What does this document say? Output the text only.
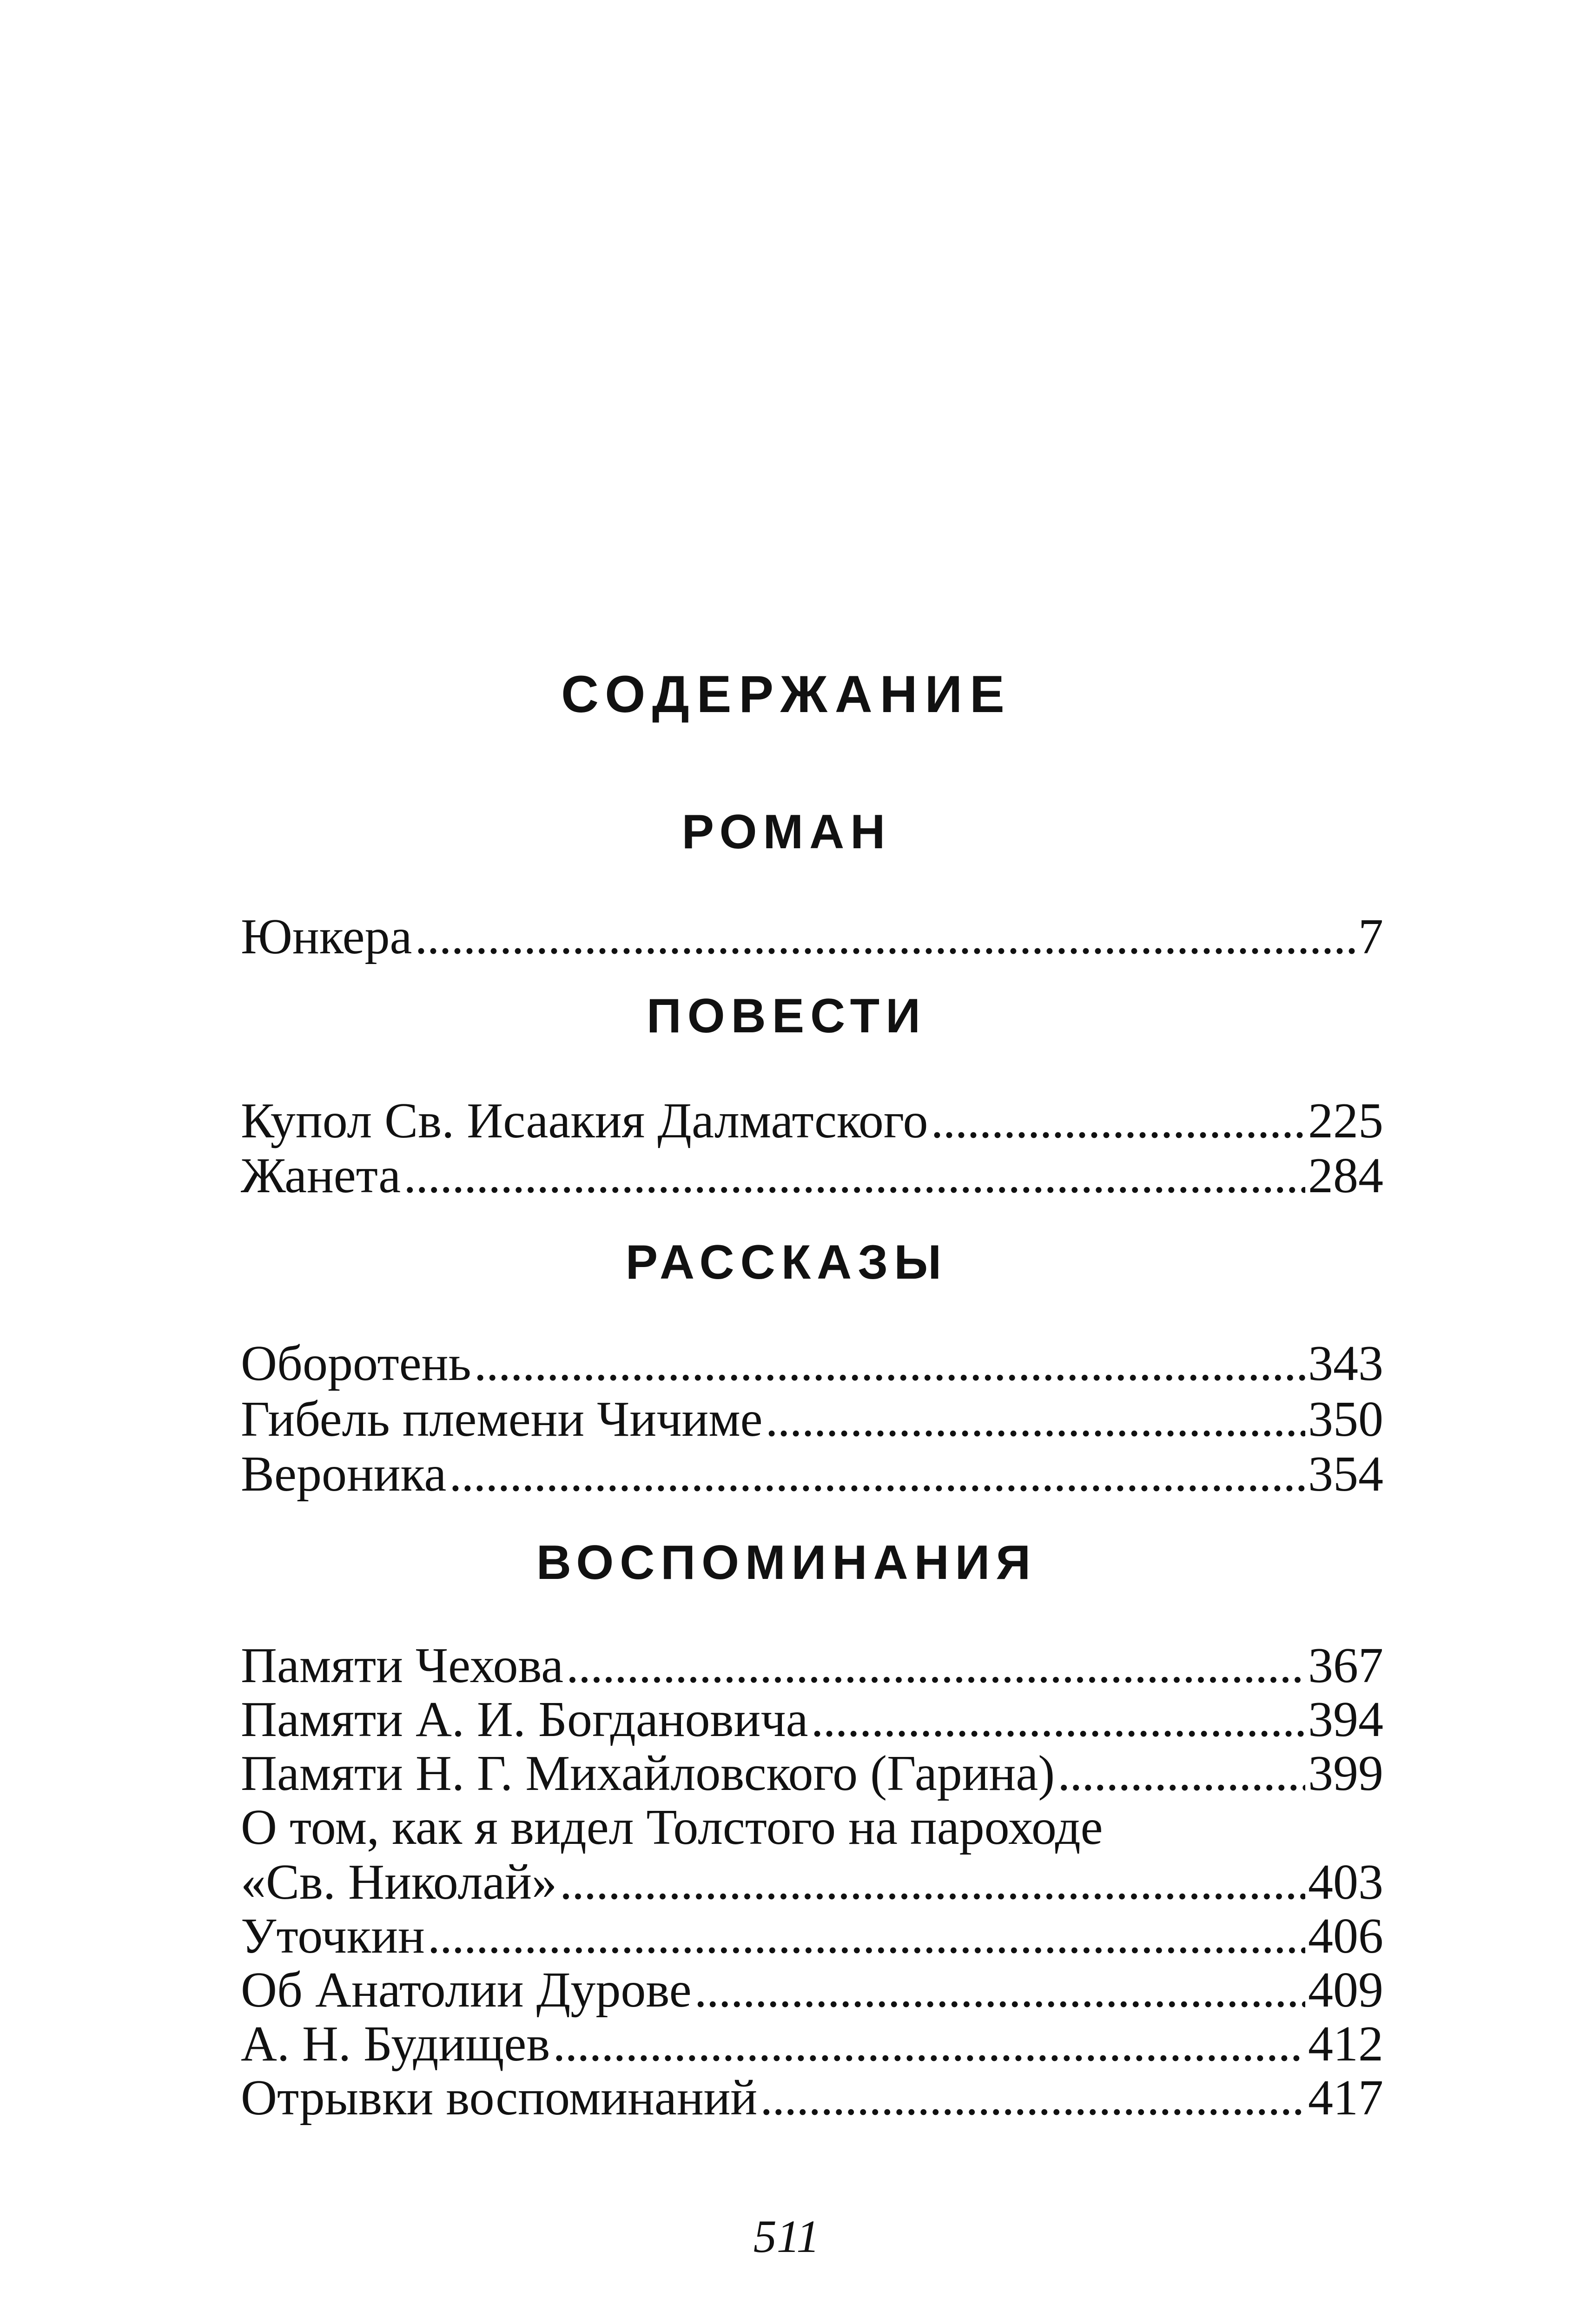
СОДЕРЖАНИЕ
РОМАН
Юнкера . . .	7
ПОВЕСТИ
Купол Св. Исаакия Далматского . . .	225
Жанета . . .	284
РАССКАЗЫ
Оборотень . . .	343
Гибель племени Чичиме . . .	350
Вероника . . .	354
ВОСПОМИНАНИЯ
Памяти Чехова . . .	367
Памяти А. И. Богдановича . . .	394
Памяти Н. Г. Михайловского (Гарина) . . .	399
О том, как я видел Толстого на пароходе
«Св. Николай» . . .	403
Уточкин . . .	406
Об Анатолии Дурове . . .	409
А. Н. Будищев . . .	412
Отрывки воспоминаний . . .	417
511
